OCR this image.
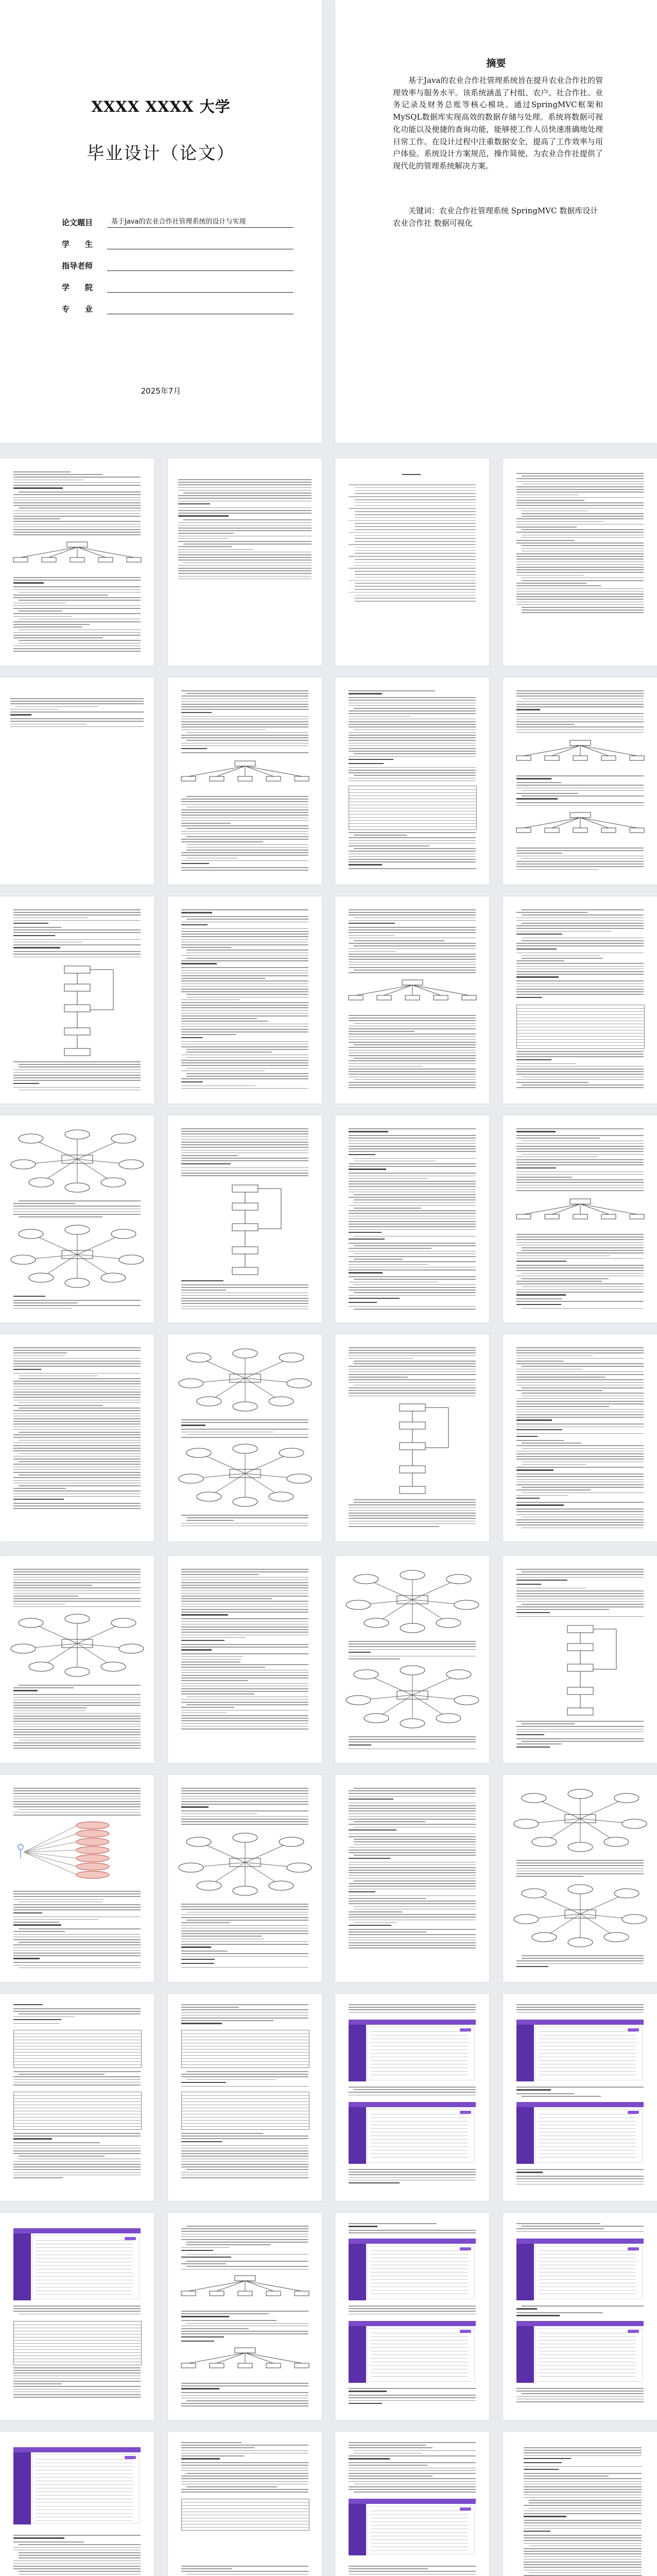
XXXX XXXX 大学
毕业设计（论文）
论文题目	基于Java的农业合作社管理系统的设计与实现
学　　生
指导老师
学　　院
专　　业
2025年7月
摘要
基于Java的农业合作社管理系统旨在提升农业合作社的管理效率与服务水平。该系统涵盖了村组、农户、社合作社、业务记录及财务总账等核心模块。通过SpringMVC框架和MySQL数据库实现高效的数据存储与处理。系统将数据可视化功能以及便捷的查询功能，能够使工作人员快速准确地处理日常工作。在设计过程中注重数据安全，提高了工作效率与用户体验。系统设计方案规范，操作简便，为农业合作社提供了现代化的管理系统解决方案。
关键词：农业合作社管理系统 SpringMVC 数据库设计 农业合作社 数据可视化
